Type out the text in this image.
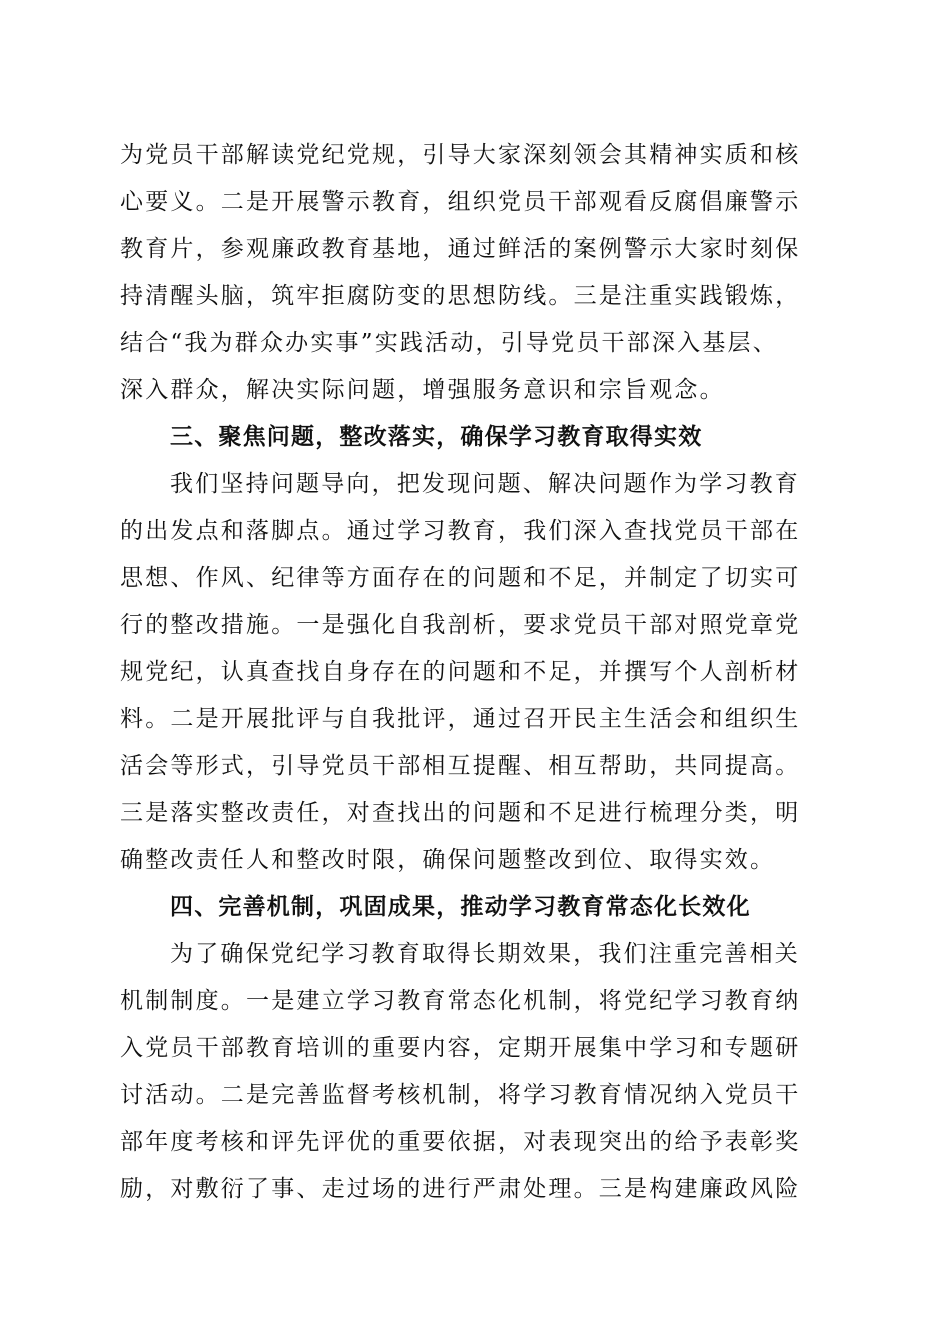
为党员干部解读党纪党规，引导大家深刻领会其精神实质和核
心要义。二是开展警示教育，组织党员干部观看反腐倡廉警示
教育片，参观廉政教育基地，通过鲜活的案例警示大家时刻保
持清醒头脑，筑牢拒腐防变的思想防线。三是注重实践锻炼，
结合“我为群众办实事”实践活动，引导党员干部深入基层、
深入群众，解决实际问题，增强服务意识和宗旨观念。
三、聚焦问题，整改落实，确保学习教育取得实效
我们坚持问题导向，把发现问题、解决问题作为学习教育
的出发点和落脚点。通过学习教育，我们深入查找党员干部在
思想、作风、纪律等方面存在的问题和不足，并制定了切实可
行的整改措施。一是强化自我剖析，要求党员干部对照党章党
规党纪，认真查找自身存在的问题和不足，并撰写个人剖析材
料。二是开展批评与自我批评，通过召开民主生活会和组织生
活会等形式，引导党员干部相互提醒、相互帮助，共同提高。
三是落实整改责任，对查找出的问题和不足进行梳理分类，明
确整改责任人和整改时限，确保问题整改到位、取得实效。
四、完善机制，巩固成果，推动学习教育常态化长效化
为了确保党纪学习教育取得长期效果，我们注重完善相关
机制制度。一是建立学习教育常态化机制，将党纪学习教育纳
入党员干部教育培训的重要内容，定期开展集中学习和专题研
讨活动。二是完善监督考核机制，将学习教育情况纳入党员干
部年度考核和评先评优的重要依据，对表现突出的给予表彰奖
励，对敷衍了事、走过场的进行严肃处理。三是构建廉政风险
